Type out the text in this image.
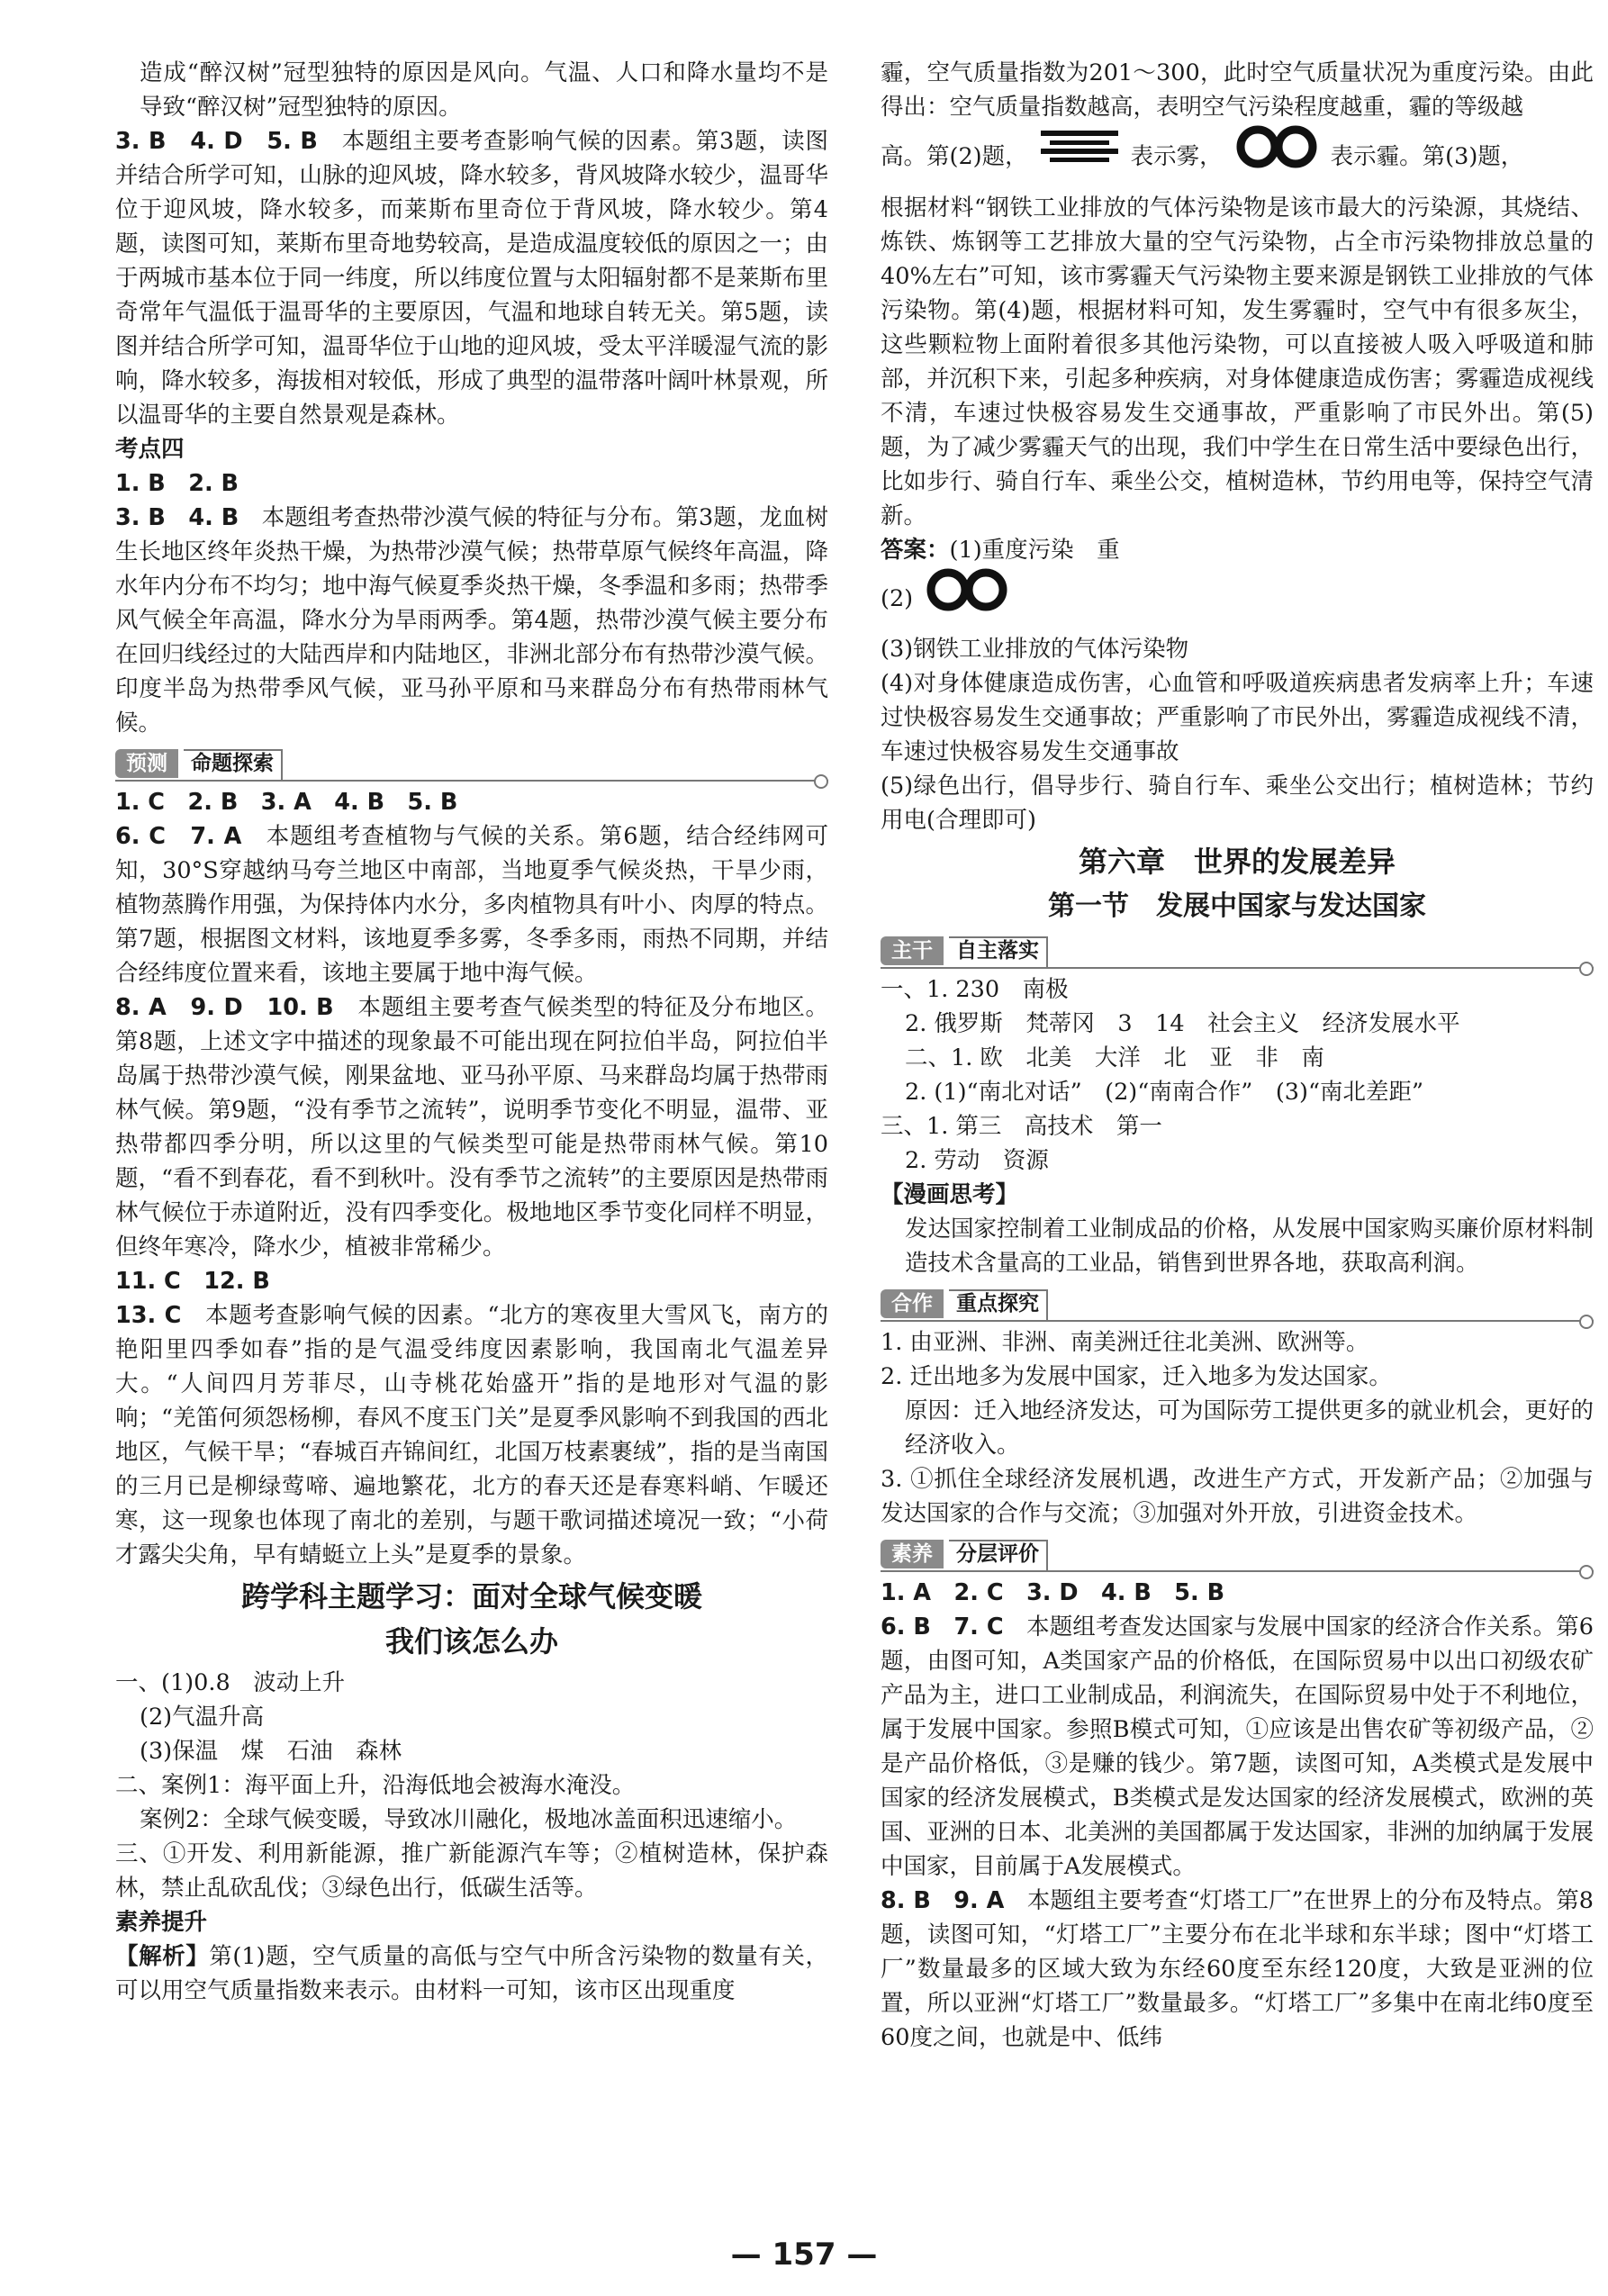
造成“醉汉树”冠型独特的原因是风向。气温、人口和降水量均不是导致“醉汉树”冠型独特的原因。

3. B　4. D　5. B　 本题组主要考查影响气候的因素。第3题，读图并结合所学可知，山脉的迎风坡，降水较多，背风坡降水较少，温哥华位于迎风坡，降水较多，而莱斯布里奇位于背风坡，降水较少。第4题，读图可知，莱斯布里奇地势较高，是造成温度较低的原因之一；由于两城市基本位于同一纬度，所以纬度位置与太阳辐射都不是莱斯布里奇常年气温低于温哥华的主要原因，气温和地球自转无关。第5题，读图并结合所学可知，温哥华位于山地的迎风坡，受太平洋暖湿气流的影响，降水较多，海拔相对较低，形成了典型的温带落叶阔叶林景观，所以温哥华的主要自然景观是森林。

考点四

1. B　2. B

3. B　4. B　 本题组考查热带沙漠气候的特征与分布。第3题，龙血树生长地区终年炎热干燥，为热带沙漠气候；热带草原气候终年高温，降水年内分布不均匀；地中海气候夏季炎热干燥，冬季温和多雨；热带季风气候全年高温，降水分为旱雨两季。第4题，热带沙漠气候主要分布在回归线经过的大陆西岸和内陆地区，非洲北部分布有热带沙漠气候。印度半岛为热带季风气候，亚马孙平原和马来群岛分布有热带雨林气候。

预测	命题探索

1. C　2. B　3. A　4. B　5. B

6. C　7. A　 本题组考查植物与气候的关系。第6题，结合经纬网可知，30°S穿越纳马夸兰地区中南部，当地夏季气候炎热，干旱少雨，植物蒸腾作用强，为保持体内水分，多肉植物具有叶小、肉厚的特点。第7题，根据图文材料，该地夏季多雾，冬季多雨，雨热不同期，并结合经纬度位置来看，该地主要属于地中海气候。

8. A　9. D　10. B　 本题组主要考查气候类型的特征及分布地区。第8题，上述文字中描述的现象最不可能出现在阿拉伯半岛，阿拉伯半岛属于热带沙漠气候，刚果盆地、亚马孙平原、马来群岛均属于热带雨林气候。第9题，“没有季节之流转”，说明季节变化不明显，温带、亚热带都四季分明，所以这里的气候类型可能是热带雨林气候。第10题，“看不到春花，看不到秋叶。没有季节之流转”的主要原因是热带雨林气候位于赤道附近，没有四季变化。极地地区季节变化同样不明显，但终年寒冷，降水少，植被非常稀少。

11. C　12. B

13. C　 本题考查影响气候的因素。“北方的寒夜里大雪风飞，南方的艳阳里四季如春”指的是气温受纬度因素影响，我国南北气温差异大。“人间四月芳菲尽，山寺桃花始盛开”指的是地形对气温的影响；“羌笛何须怨杨柳，春风不度玉门关”是夏季风影响不到我国的西北地区，气候干旱；“春城百卉锦间红，北国万枝素裹绒”，指的是当南国的三月已是柳绿莺啼、遍地繁花，北方的春天还是春寒料峭、乍暖还寒，这一现象也体现了南北的差别，与题干歌词描述境况一致；“小荷才露尖尖角，早有蜻蜓立上头”是夏季的景象。

跨学科主题学习：面对全球气候变暖
我们该怎么办

一、(1)0.8　波动上升

(2)气温升高

(3)保温　煤　石油　森林

二、案例1：海平面上升，沿海低地会被海水淹没。

案例2：全球气候变暖，导致冰川融化，极地冰盖面积迅速缩小。

三、①开发、利用新能源，推广新能源汽车等；②植树造林，保护森林，禁止乱砍乱伐；③绿色出行，低碳生活等。

素养提升

【解析】第(1)题，空气质量的高低与空气中所含污染物的数量有关，可以用空气质量指数来表示。由材料一可知，该市区出现重度

霾，空气质量指数为201～300，此时空气质量状况为重度污染。由此得出：空气质量指数越高，表明空气污染程度越重，霾的等级越

高。第(2)题，	表示雾，	表示霾。第(3)题，

根据材料“钢铁工业排放的气体污染物是该市最大的污染源，其烧结、炼铁、炼钢等工艺排放大量的空气污染物，占全市污染物排放总量的40%左右”可知，该市雾霾天气污染物主要来源是钢铁工业排放的气体污染物。第(4)题，根据材料可知，发生雾霾时，空气中有很多灰尘，这些颗粒物上面附着很多其他污染物，可以直接被人吸入呼吸道和肺部，并沉积下来，引起多种疾病，对身体健康造成伤害；雾霾造成视线不清，车速过快极容易发生交通事故，严重影响了市民外出。第(5)题，为了减少雾霾天气的出现，我们中学生在日常生活中要绿色出行，比如步行、骑自行车、乘坐公交，植树造林，节约用电等，保持空气清新。

答案：(1)重度污染　重

(2)

(3)钢铁工业排放的气体污染物

(4)对身体健康造成伤害，心血管和呼吸道疾病患者发病率上升；车速过快极容易发生交通事故；严重影响了市民外出，雾霾造成视线不清，车速过快极容易发生交通事故

(5)绿色出行，倡导步行、骑自行车、乘坐公交出行；植树造林；节约用电(合理即可)

第六章　世界的发展差异
第一节　发展中国家与发达国家
主干	自主落实

一、1. 230　南极

2. 俄罗斯　梵蒂冈　3　14　社会主义　经济发展水平

二、1. 欧　北美　大洋　北　亚　非　南

2. (1)“南北对话”　(2)“南南合作”　(3)“南北差距”

三、1. 第三　高技术　第一

2. 劳动　资源

【漫画思考】

发达国家控制着工业制成品的价格，从发展中国家购买廉价原材料制造技术含量高的工业品，销售到世界各地，获取高利润。

合作	重点探究

1. 由亚洲、非洲、南美洲迁往北美洲、欧洲等。

2. 迁出地多为发展中国家，迁入地多为发达国家。

原因：迁入地经济发达，可为国际劳工提供更多的就业机会，更好的经济收入。

3. ①抓住全球经济发展机遇，改进生产方式，开发新产品；②加强与发达国家的合作与交流；③加强对外开放，引进资金技术。

素养	分层评价

1. A　2. C　3. D　4. B　5. B

6. B　7. C　 本题组考查发达国家与发展中国家的经济合作关系。第6题，由图可知，A类国家产品的价格低，在国际贸易中以出口初级农矿产品为主，进口工业制成品，利润流失，在国际贸易中处于不利地位，属于发展中国家。参照B模式可知，①应该是出售农矿等初级产品，②是产品价格低，③是赚的钱少。第7题，读图可知，A类模式是发展中国家的经济发展模式，B类模式是发达国家的经济发展模式，欧洲的英国、亚洲的日本、北美洲的美国都属于发达国家，非洲的加纳属于发展中国家，目前属于A发展模式。

8. B　9. A　 本题组主要考查“灯塔工厂”在世界上的分布及特点。第8题，读图可知，“灯塔工厂”主要分布在北半球和东半球；图中“灯塔工厂”数量最多的区域大致为东经60度至东经120度，大致是亚洲的位置，所以亚洲“灯塔工厂”数量最多。“灯塔工厂”多集中在南北纬0度至60度之间，也就是中、低纬

— 157 —
